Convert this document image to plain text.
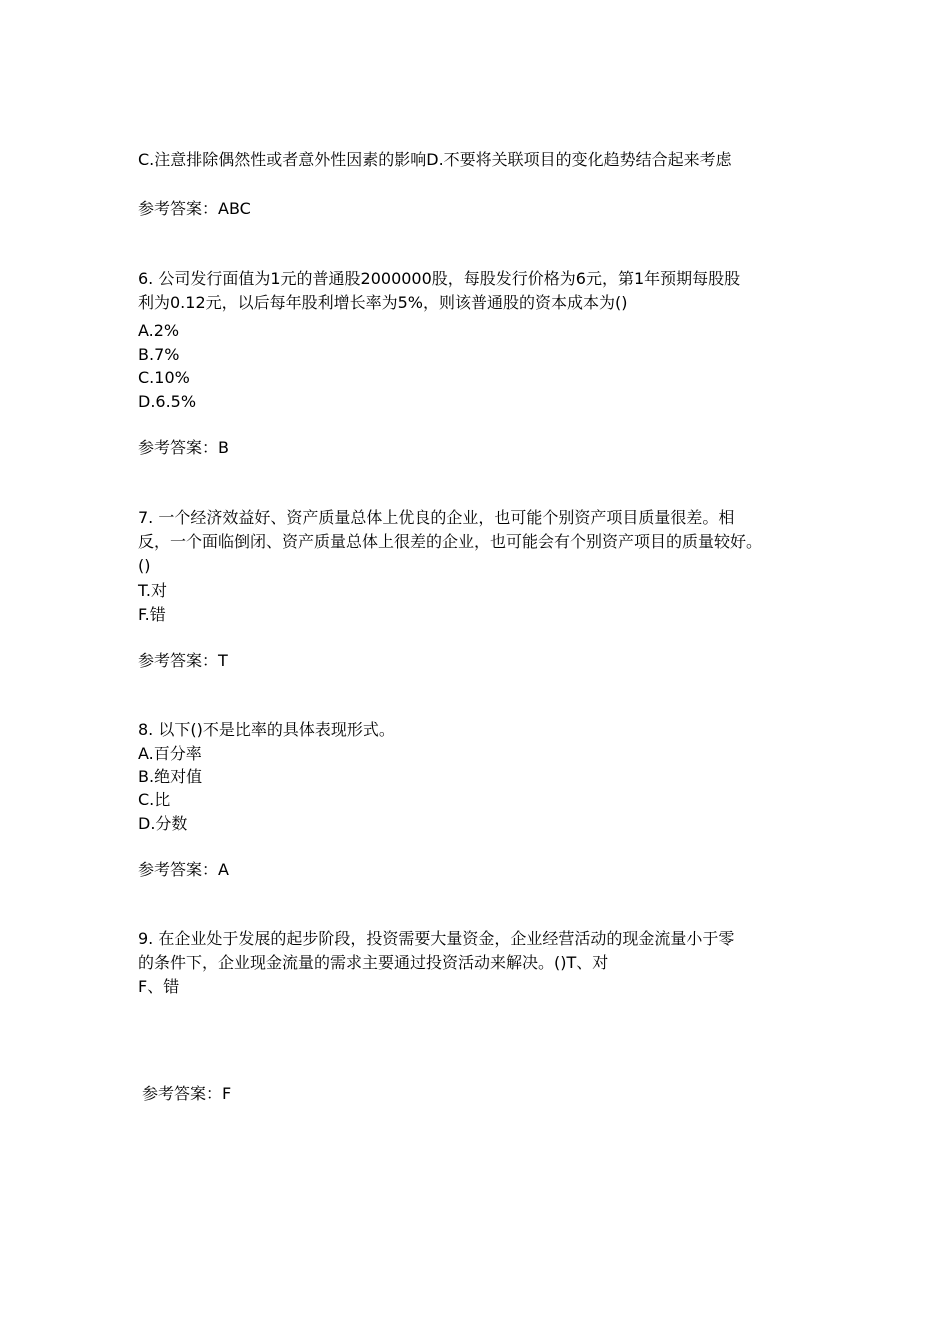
C.注意排除偶然性或者意外性因素的影响D.不要将关联项目的变化趋势结合起来考虑
参考答案：ABC
6. 公司发行面值为1元的普通股2000000股，每股发行价格为6元，第1年预期每股股
利为0.12元，以后每年股利增长率为5%，则该普通股的资本成本为()
A.2%
B.7%
C.10%
D.6.5%
参考答案：B
7. 一个经济效益好、资产质量总体上优良的企业，也可能个别资产项目质量很差。相
反，一个面临倒闭、资产质量总体上很差的企业，也可能会有个别资产项目的质量较好。
()
T.对
F.错
参考答案：T
8. 以下()不是比率的具体表现形式。
A.百分率
B.绝对值
C.比
D.分数
参考答案：A
9. 在企业处于发展的起步阶段，投资需要大量资金，企业经营活动的现金流量小于零
的条件下，企业现金流量的需求主要通过投资活动来解决。()T、对
F、错
参考答案：F
